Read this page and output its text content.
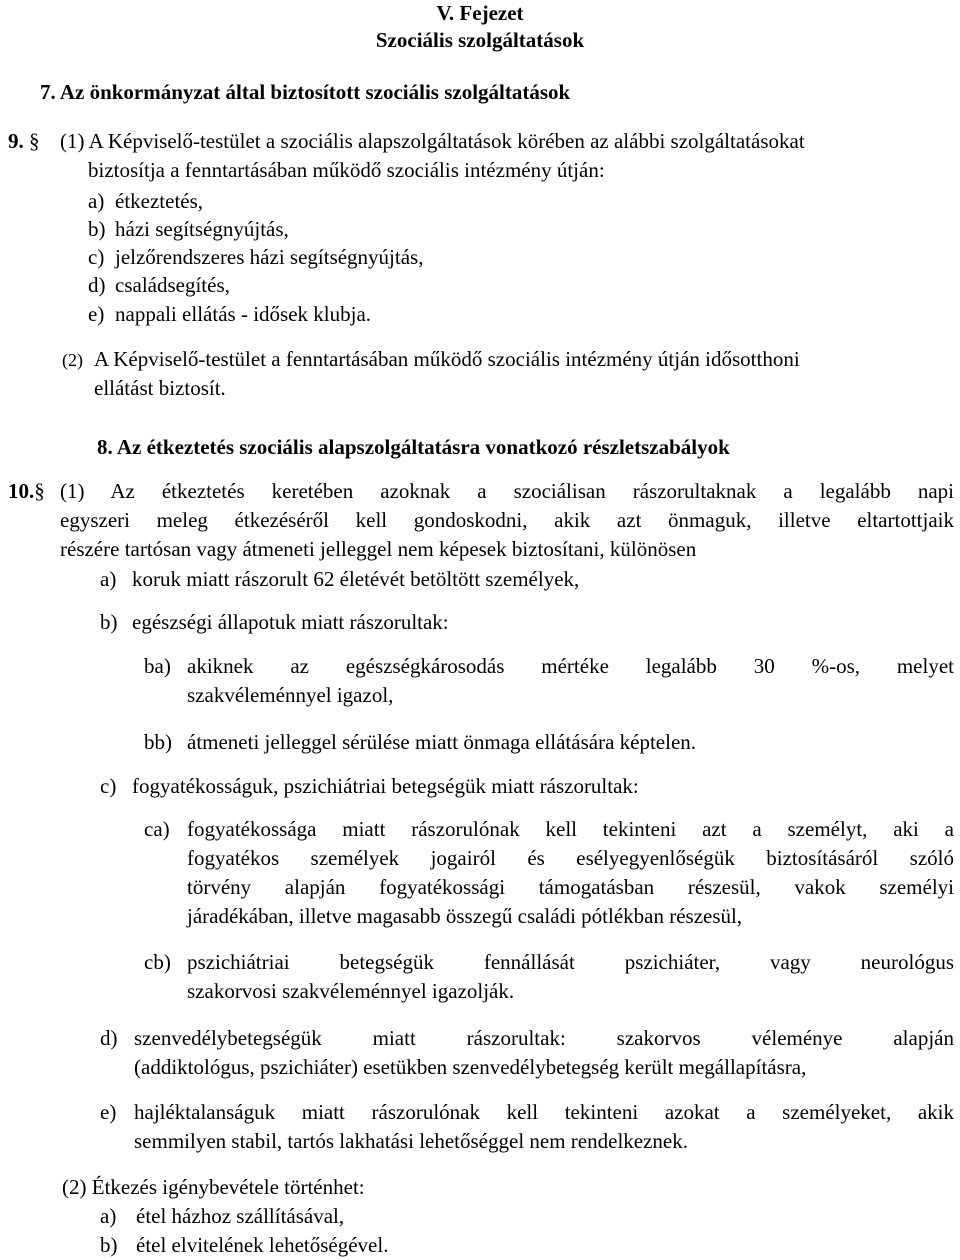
V. Fejezet
Szociális szolgáltatások
7. Az önkormányzat által biztosított szociális szolgáltatások
9. § (1) A Képviselő-testület a szociális alapszolgáltatások körében az alábbi szolgáltatásokat
biztosítja a fenntartásában működő szociális intézmény útján:
a) étkeztetés,
b) házi segítségnyújtás,
c) jelzőrendszeres házi segítségnyújtás,
d) családsegítés,
e) nappali ellátás - idősek klubja.
(2) A Képviselő-testület a fenntartásában működő szociális intézmény útján idősotthoni
ellátást biztosít.
8. Az étkeztetés szociális alapszolgáltatásra vonatkozó részletszabályok
10.§ (1) Az étkeztetés keretében azoknak a szociálisan rászorultaknak a legalább napi
egyszeri meleg étkezéséről kell gondoskodni, akik azt önmaguk, illetve eltartottjaik
részére tartósan vagy átmeneti jelleggel nem képesek biztosítani, különösen
a) koruk miatt rászorult 62 életévét betöltött személyek,
b) egészségi állapotuk miatt rászorultak:
ba) akiknek az egészségkárosodás mértéke legalább 30 %-os, melyet
szakvéleménnyel igazol,
bb) átmeneti jelleggel sérülése miatt önmaga ellátására képtelen.
c) fogyatékosságuk, pszichiátriai betegségük miatt rászorultak:
ca) fogyatékossága miatt rászorulónak kell tekinteni azt a személyt, aki a
fogyatékos személyek jogairól és esélyegyenlőségük biztosításáról szóló
törvény alapján fogyatékossági támogatásban részesül, vakok személyi
járadékában, illetve magasabb összegű családi pótlékban részesül,
cb) pszichiátriai betegségük fennállását pszichiáter, vagy neurológus
szakorvosi szakvéleménnyel igazolják.
d) szenvedélybetegségük miatt rászorultak: szakorvos véleménye alapján
(addiktológus, pszichiáter) esetükben szenvedélybetegség került megállapításra,
e) hajléktalanságuk miatt rászorulónak kell tekinteni azokat a személyeket, akik
semmilyen stabil, tartós lakhatási lehetőséggel nem rendelkeznek.
(2) Étkezés igénybevétele történhet:
a) étel házhoz szállításával,
b) étel elvitelének lehetőségével.
